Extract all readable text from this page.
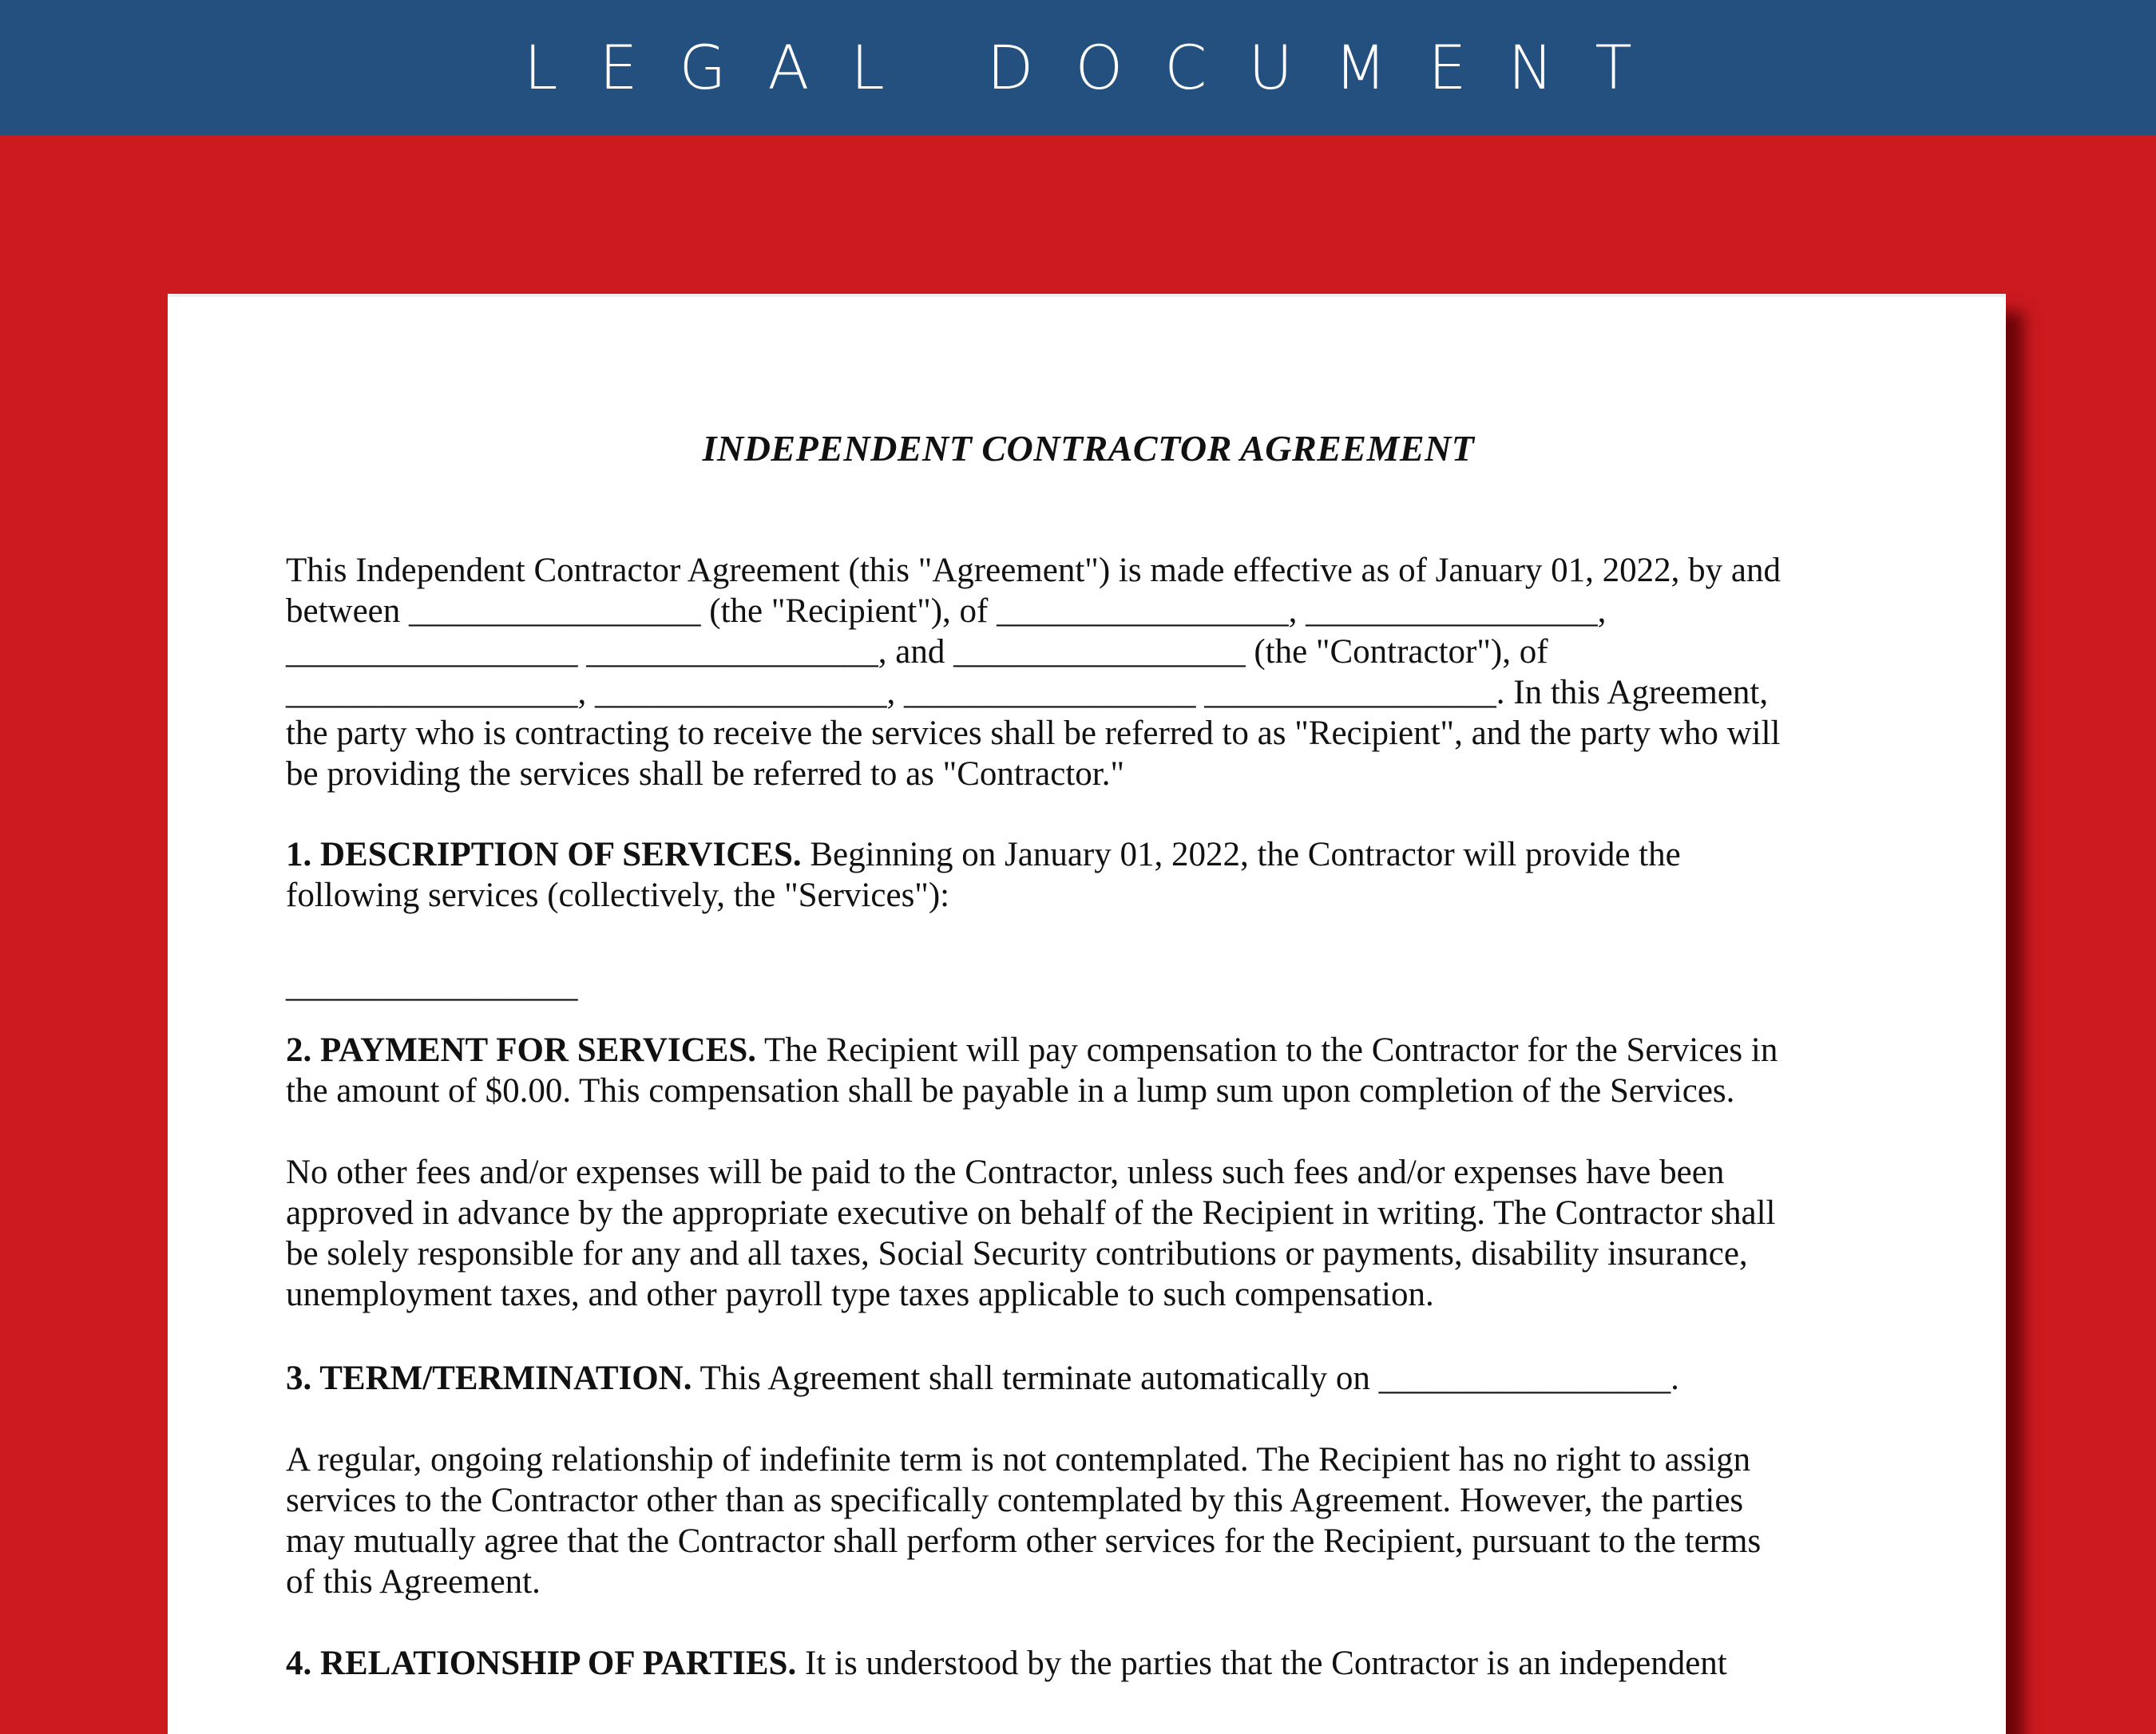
LEGAL DOCUMENT
INDEPENDENT CONTRACTOR AGREEMENT

This Independent Contractor Agreement (this "Agreement") is made effective as of January 01, 2022, by and
between _________________ (the "Recipient"), of _________________, _________________,
_________________ _________________, and _________________ (the "Contractor"), of
_________________, _________________, _________________ _________________. In this Agreement,
the party who is contracting to receive the services shall be referred to as "Recipient", and the party who will
be providing the services shall be referred to as "Contractor."

1. DESCRIPTION OF SERVICES. Beginning on January 01, 2022, the Contractor will provide the
following services (collectively, the "Services"):

_________________

2. PAYMENT FOR SERVICES. The Recipient will pay compensation to the Contractor for the Services in
the amount of $0.00. This compensation shall be payable in a lump sum upon completion of the Services.

No other fees and/or expenses will be paid to the Contractor, unless such fees and/or expenses have been
approved in advance by the appropriate executive on behalf of the Recipient in writing. The Contractor shall
be solely responsible for any and all taxes, Social Security contributions or payments, disability insurance,
unemployment taxes, and other payroll type taxes applicable to such compensation.

3. TERM/TERMINATION. This Agreement shall terminate automatically on _________________.

A regular, ongoing relationship of indefinite term is not contemplated. The Recipient has no right to assign
services to the Contractor other than as specifically contemplated by this Agreement. However, the parties
may mutually agree that the Contractor shall perform other services for the Recipient, pursuant to the terms
of this Agreement.

4. RELATIONSHIP OF PARTIES. It is understood by the parties that the Contractor is an independent
